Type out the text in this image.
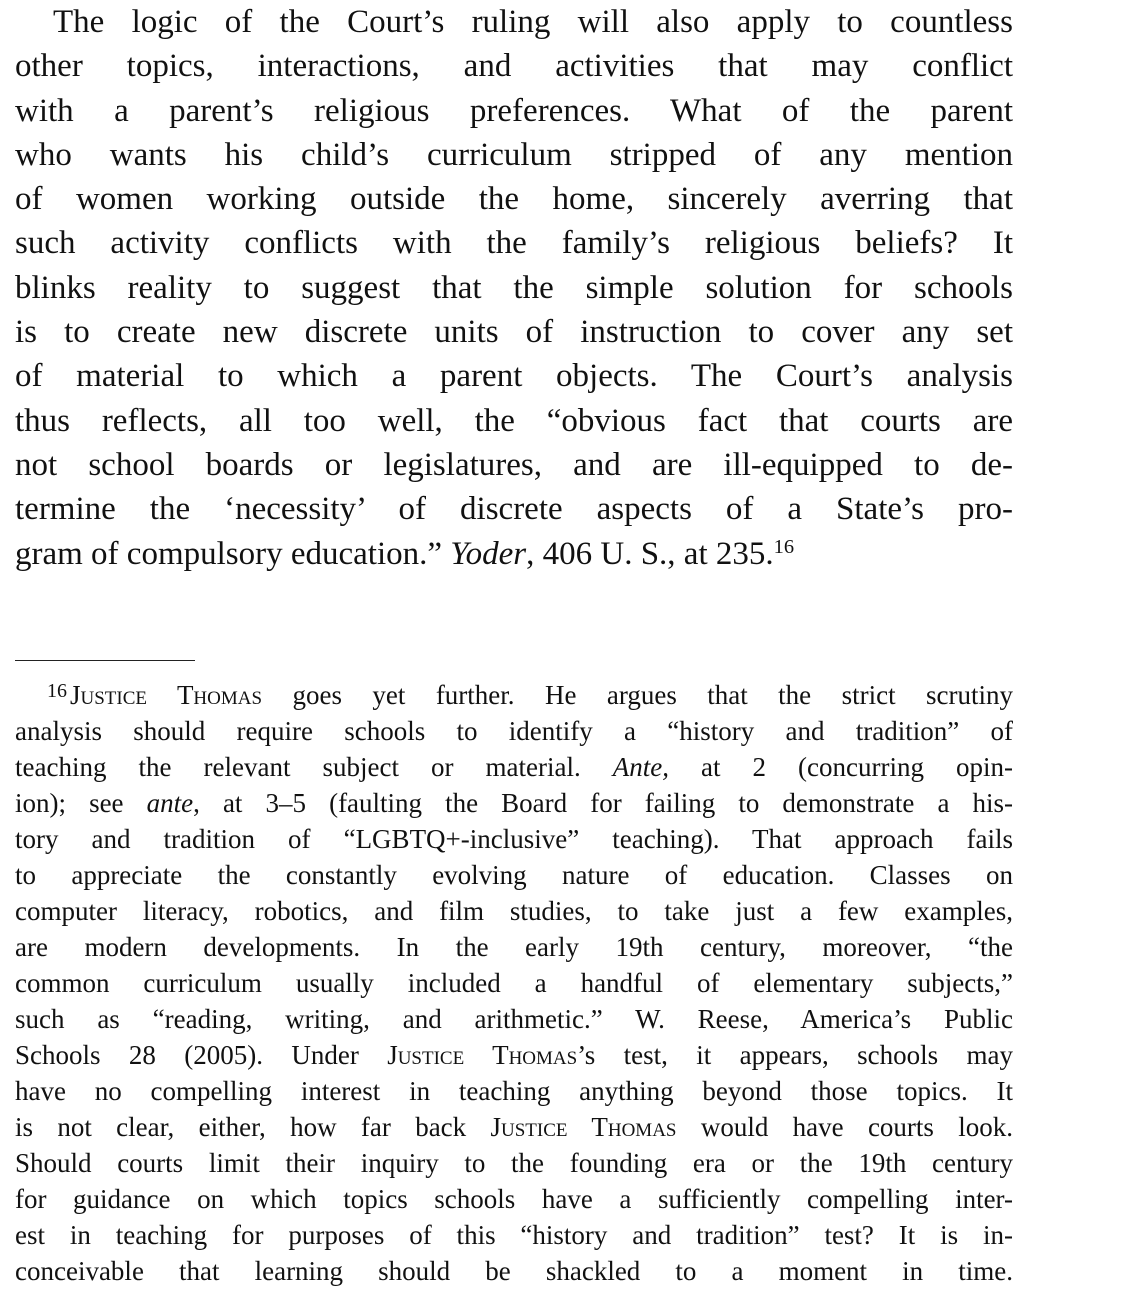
The logic of the Court’s ruling will also apply to countless
other topics, interactions, and activities that may conflict
with a parent’s religious preferences. What of the parent
who wants his child’s curriculum stripped of any mention
of women working outside the home, sincerely averring that
such activity conflicts with the family’s religious beliefs? It
blinks reality to suggest that the simple solution for schools
is to create new discrete units of instruction to cover any set
of material to which a parent objects. The Court’s analysis
thus reflects, all too well, the “obvious fact that courts are
not school boards or legislatures, and are ill-equipped to de-
termine the ‘necessity’ of discrete aspects of a State’s pro-
gram of compulsory education.” Yoder, 406 U. S., at 235.16

$^{16}$ Justice Thomas goes yet further. He argues that the strict scrutiny
analysis should require schools to identify a “history and tradition” of
teaching the relevant subject or material. Ante, at 2 (concurring opin-
ion); see ante, at 3–5 (faulting the Board for failing to demonstrate a his-
tory and tradition of “LGBTQ+-inclusive” teaching). That approach fails
to appreciate the constantly evolving nature of education. Classes on
computer literacy, robotics, and film studies, to take just a few examples,
are modern developments. In the early 19th century, moreover, “the
common curriculum usually included a handful of elementary subjects,”
such as “reading, writing, and arithmetic.” W. Reese, America’s Public
Schools 28 (2005). Under Justice Thomas’s test, it appears, schools may
have no compelling interest in teaching anything beyond those topics. It
is not clear, either, how far back Justice Thomas would have courts look.
Should courts limit their inquiry to the founding era or the 19th century
for guidance on which topics schools have a sufficiently compelling inter-
est in teaching for purposes of this “history and tradition” test? It is in-
conceivable that learning should be shackled to a moment in time.
